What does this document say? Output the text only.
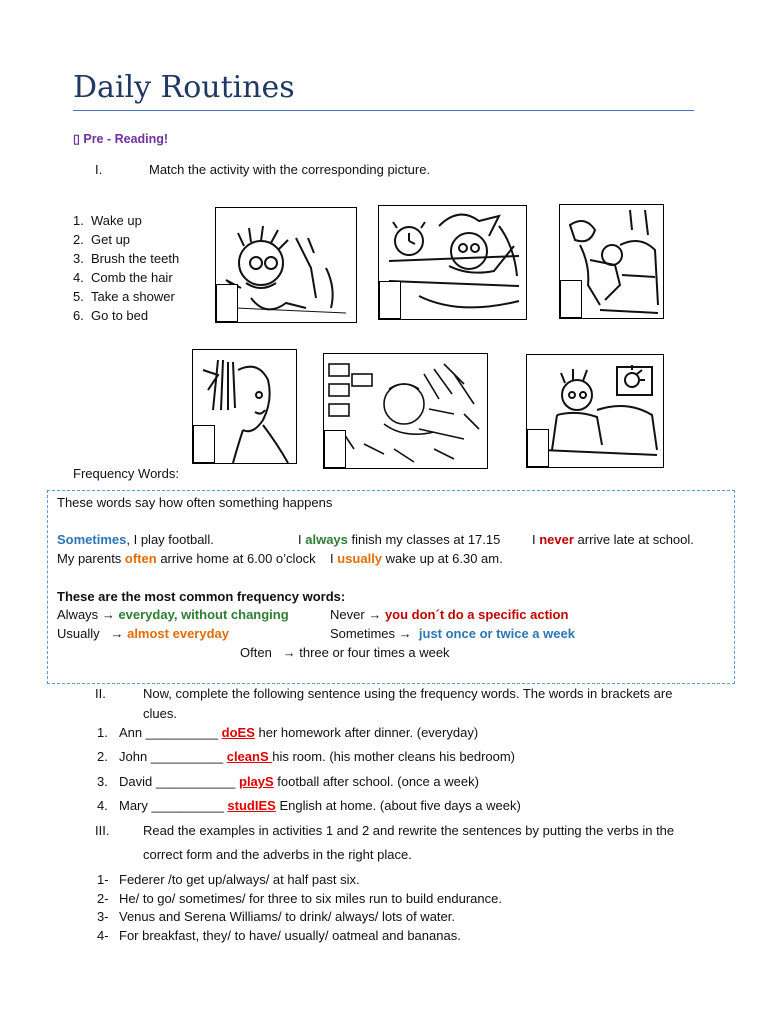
Daily Routines
▯ Pre - Reading!
I.	Match the activity with the corresponding picture.
1. Wake up
2. Get up
3. Brush the teeth
4. Comb the hair
5. Take a shower
6. Go to bed
Frequency Words:
These words say how often something happens
Sometimes, I play football.	I always finish my classes at 17.15 I never arrive late at school.
My parents often arrive home at 6.00 o’clock I usually wake up at 6.30 am.
These are the most common frequency words:
Always → everyday, without changing	Never → you don´t do a specific action
Usually → almost everyday	Sometimes → just once or twice a week
Often → three or four times a week
II.	Now, complete the following sentence using the frequency words. The words in brackets are
clues.
1. Ann __________ doES her homework after dinner. (everyday)
2. John __________ cleanS his room. (his mother cleans his bedroom)
3. David ___________ playS football after school. (once a week)
4. Mary __________ studIES English at home. (about five days a week)
III.	Read the examples in activities 1 and 2 and rewrite the sentences by putting the verbs in the
correct form and the adverbs in the right place.
1- Federer /to get up/always/ at half past six.
2- He/ to go/ sometimes/ for three to six miles run to build endurance.
3- Venus and Serena Williams/ to drink/ always/ lots of water.
4- For breakfast, they/ to have/ usually/ oatmeal and bananas.
